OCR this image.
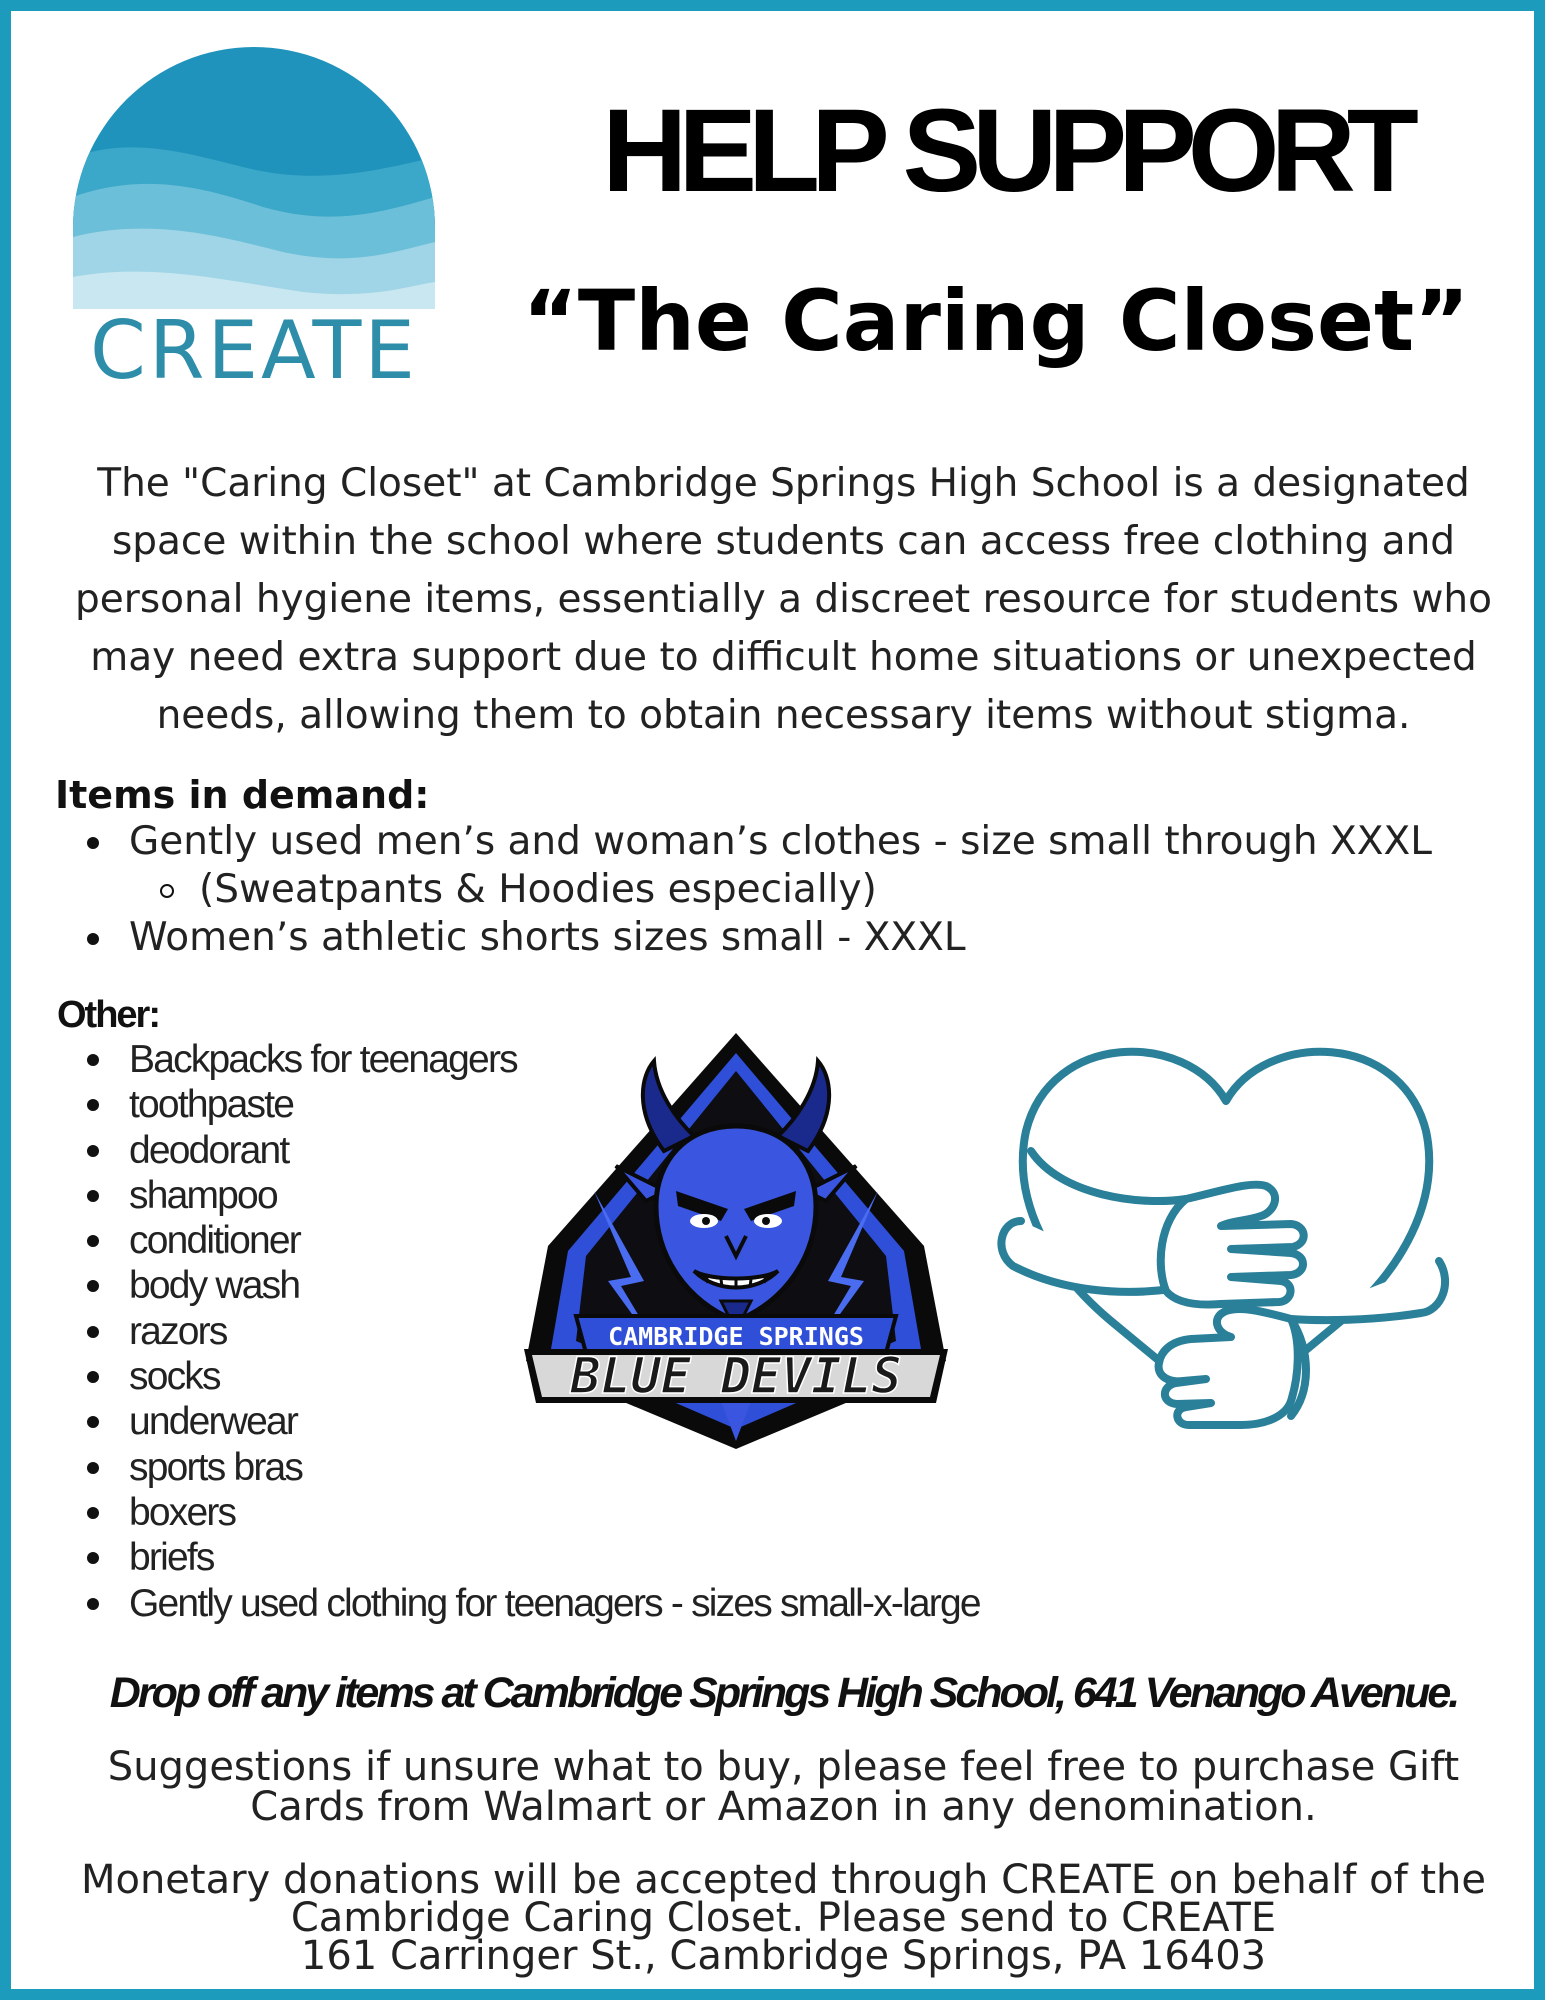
CREATE
HELP SUPPORT
“The Caring Closet”
The "Caring Closet" at Cambridge Springs High School is a designated space within the school where students can access free clothing and personal hygiene items, essentially a discreet resource for students who may need extra support due to difficult home situations or unexpected needs, allowing them to obtain necessary items without stigma.
Items in demand:
Gently used men’s and woman’s clothes - size small through XXXL
(Sweatpants & Hoodies especially)
Women’s athletic shorts sizes small - XXXL
Other:
Backpacks for teenagers
toothpaste
deodorant
shampoo
conditioner
body wash
razors
socks
underwear
sports bras
boxers
briefs
Gently used clothing for teenagers - sizes small-x-large
CAMBRIDGE SPRINGS
BLUE DEVILS
Drop off any items at Cambridge Springs High School, 641 Venango Avenue.
Suggestions if unsure what to buy, please feel free to purchase Gift
Cards from Walmart or Amazon in any denomination.
Monetary donations will be accepted through CREATE on behalf of the
Cambridge Caring Closet. Please send to CREATE
161 Carringer St., Cambridge Springs, PA 16403
